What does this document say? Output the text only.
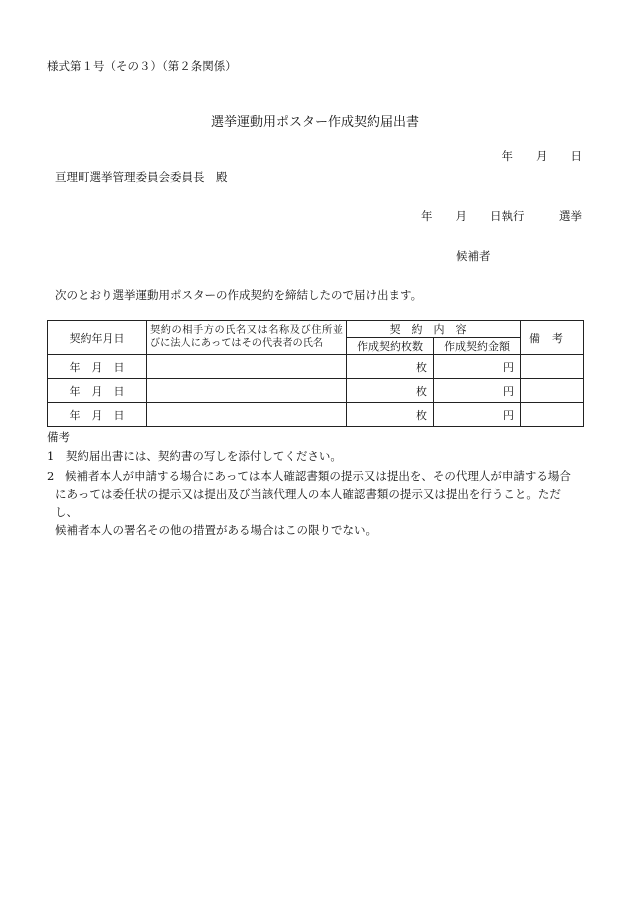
様式第１号（その３）（第２条関係）
選挙運動用ポスター作成契約届出書
年　　月　　日
亘理町選挙管理委員会委員長　殿
年　　月　　日執行　　　選挙
候補者
次のとおり選挙運動用ポスターの作成契約を締結したので届け出ます。
契約年月日	契約の相手方の氏名又は名称及び住所並びに法人にあってはその代表者の氏名	契約内容		備考
		作成契約枚数	作成契約金額	
年　月　日		枚	円	
年　月　日		枚	円	
年　月　日		枚	円	
備考
1　 契約届出書には、契約書の写しを添付してください。
2 候補者本人が申請する場合にあっては本人確認書類の提示又は提出を、その代理人が申請する場合
にあっては委任状の提示又は提出及び当該代理人の本人確認書類の提示又は提出を行うこと。ただし、
候補者本人の署名その他の措置がある場合はこの限りでない。
